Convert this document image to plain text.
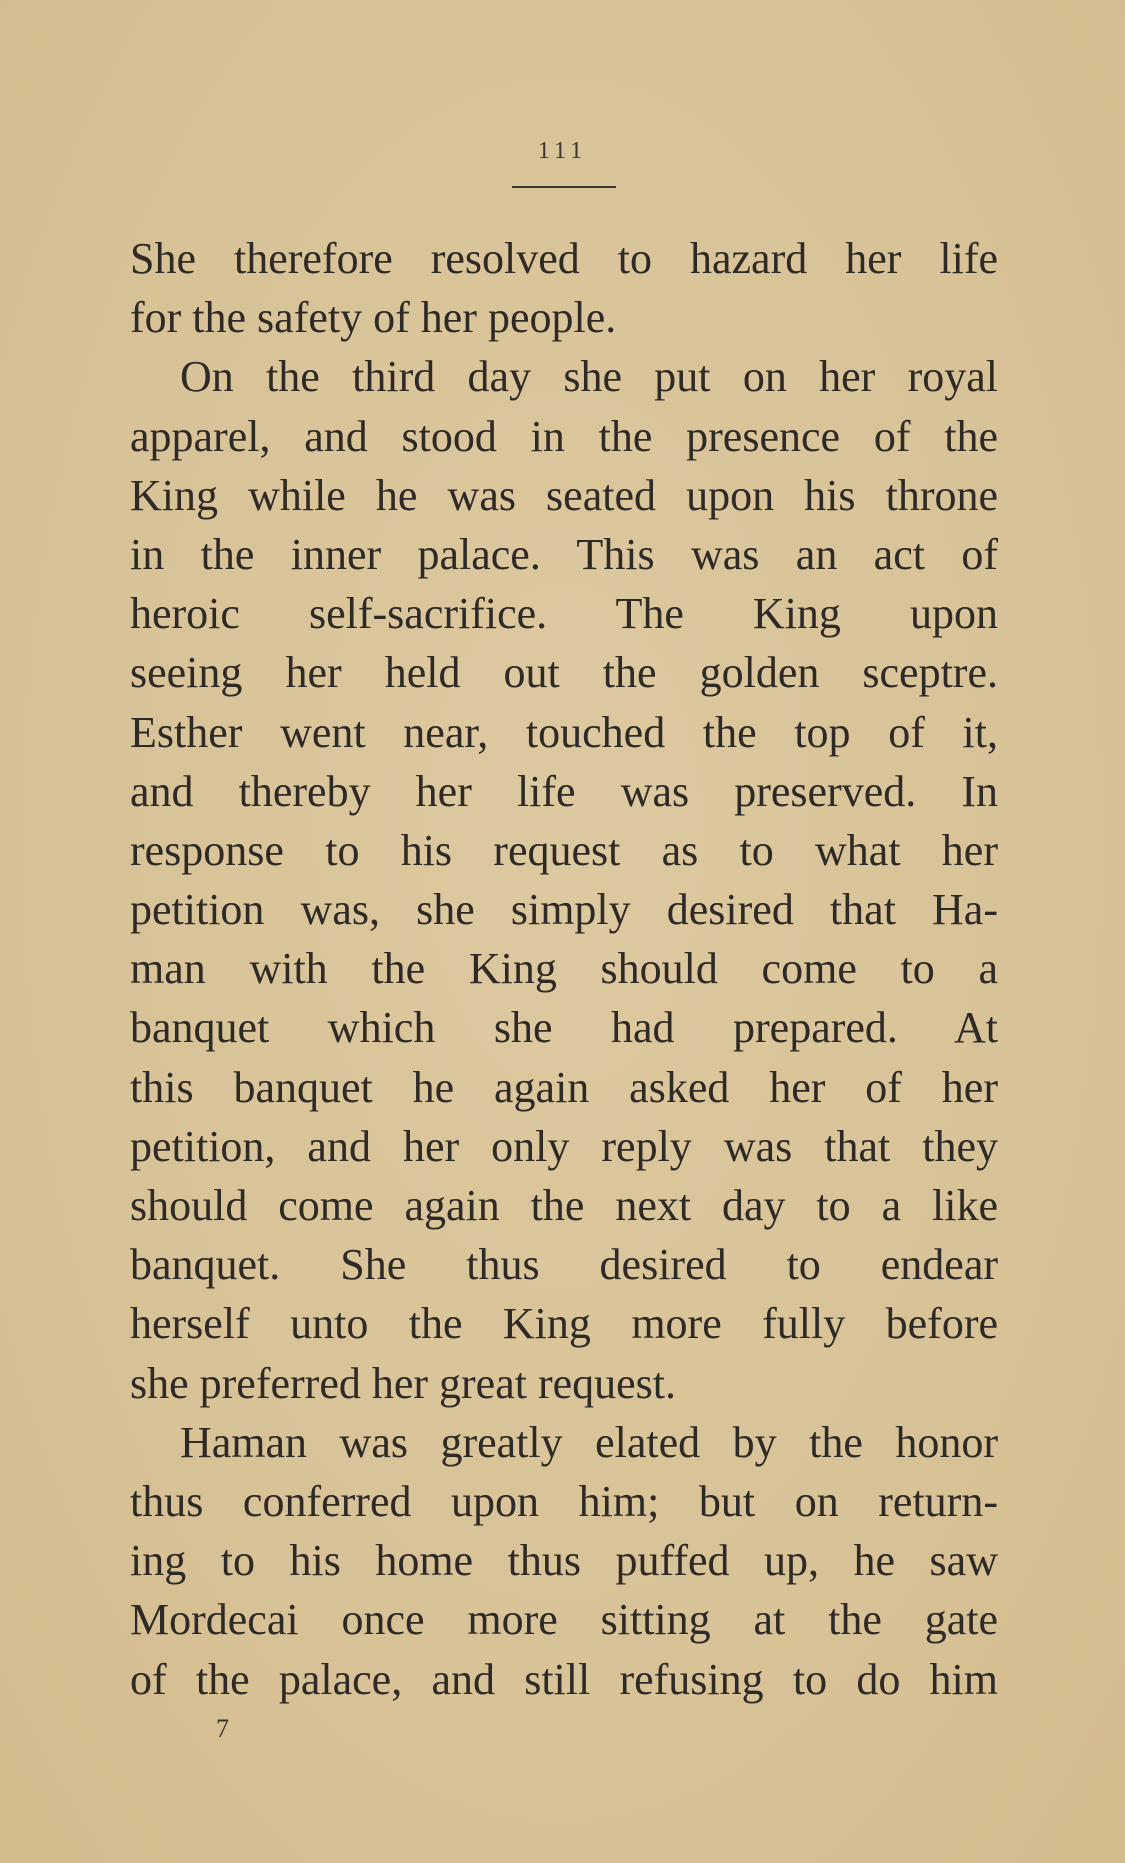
111
She therefore resolved to hazard her life
for the safety of her people.
On the third day she put on her royal
apparel, and stood in the presence of the
King while he was seated upon his throne
in the inner palace. This was an act of
heroic self-sacrifice. The King upon
seeing her held out the golden sceptre.
Esther went near, touched the top of it,
and thereby her life was preserved. In
response to his request as to what her
petition was, she simply desired that Ha-
man with the King should come to a
banquet which she had prepared. At
this banquet he again asked her of her
petition, and her only reply was that they
should come again the next day to a like
banquet. She thus desired to endear
herself unto the King more fully before
she preferred her great request.
Haman was greatly elated by the honor
thus conferred upon him; but on return-
ing to his home thus puffed up, he saw
Mordecai once more sitting at the gate
of the palace, and still refusing to do him
7
